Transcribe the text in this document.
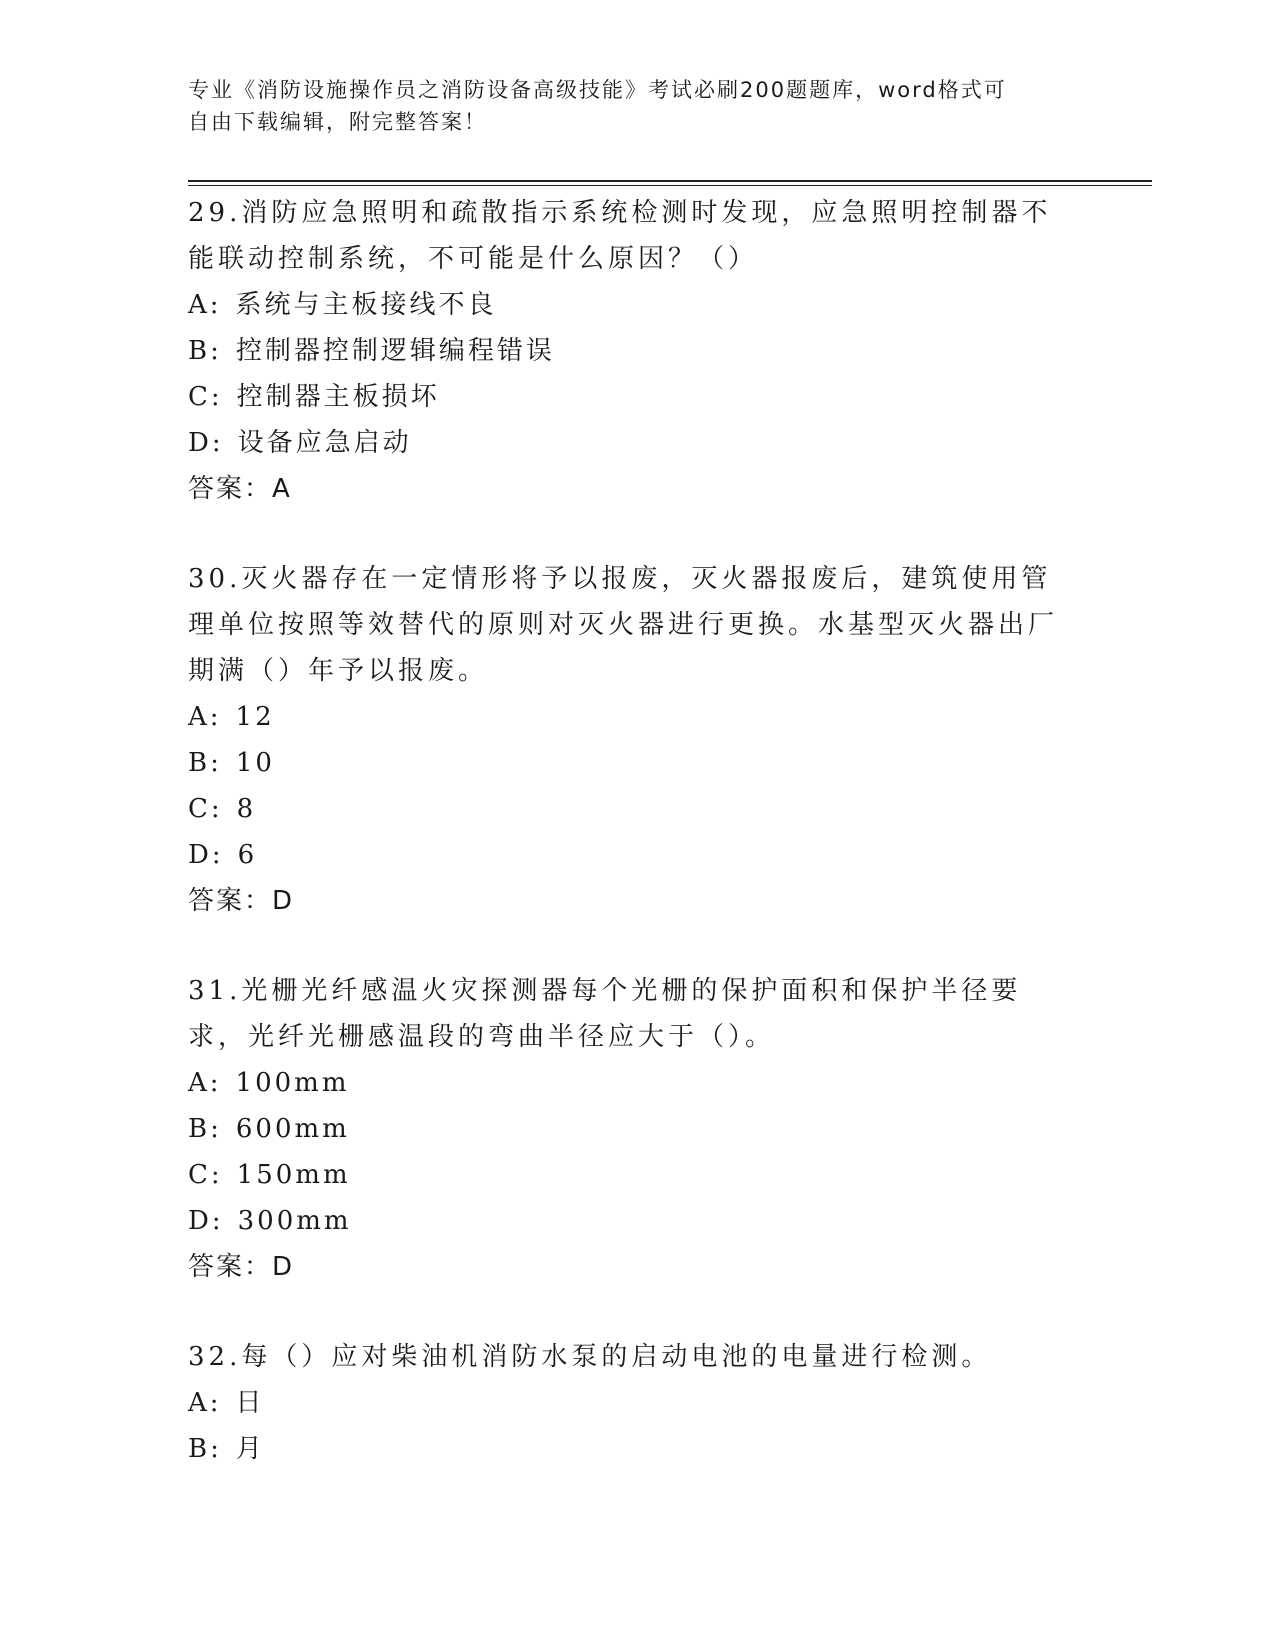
专业《消防设施操作员之消防设备高级技能》考试必刷200题题库，word格式可
自由下载编辑，附完整答案！
29.消防应急照明和疏散指示系统检测时发现，应急照明控制器不能联动控制系统，不可能是什么原因？（）
A: 系统与主板接线不良
B: 控制器控制逻辑编程错误
C: 控制器主板损坏
D: 设备应急启动
答案：A
30.灭火器存在一定情形将予以报废，灭火器报废后，建筑使用管理单位按照等效替代的原则对灭火器进行更换。水基型灭火器出厂期满（）年予以报废。
A: 12
B: 10
C: 8
D: 6
答案：D
31.光栅光纤感温火灾探测器每个光栅的保护面积和保护半径要求，光纤光栅感温段的弯曲半径应大于（）。
A: 100mm
B: 600mm
C: 150mm
D: 300mm
答案：D
32.每（）应对柴油机消防水泵的启动电池的电量进行检测。
A: 日
B: 月
